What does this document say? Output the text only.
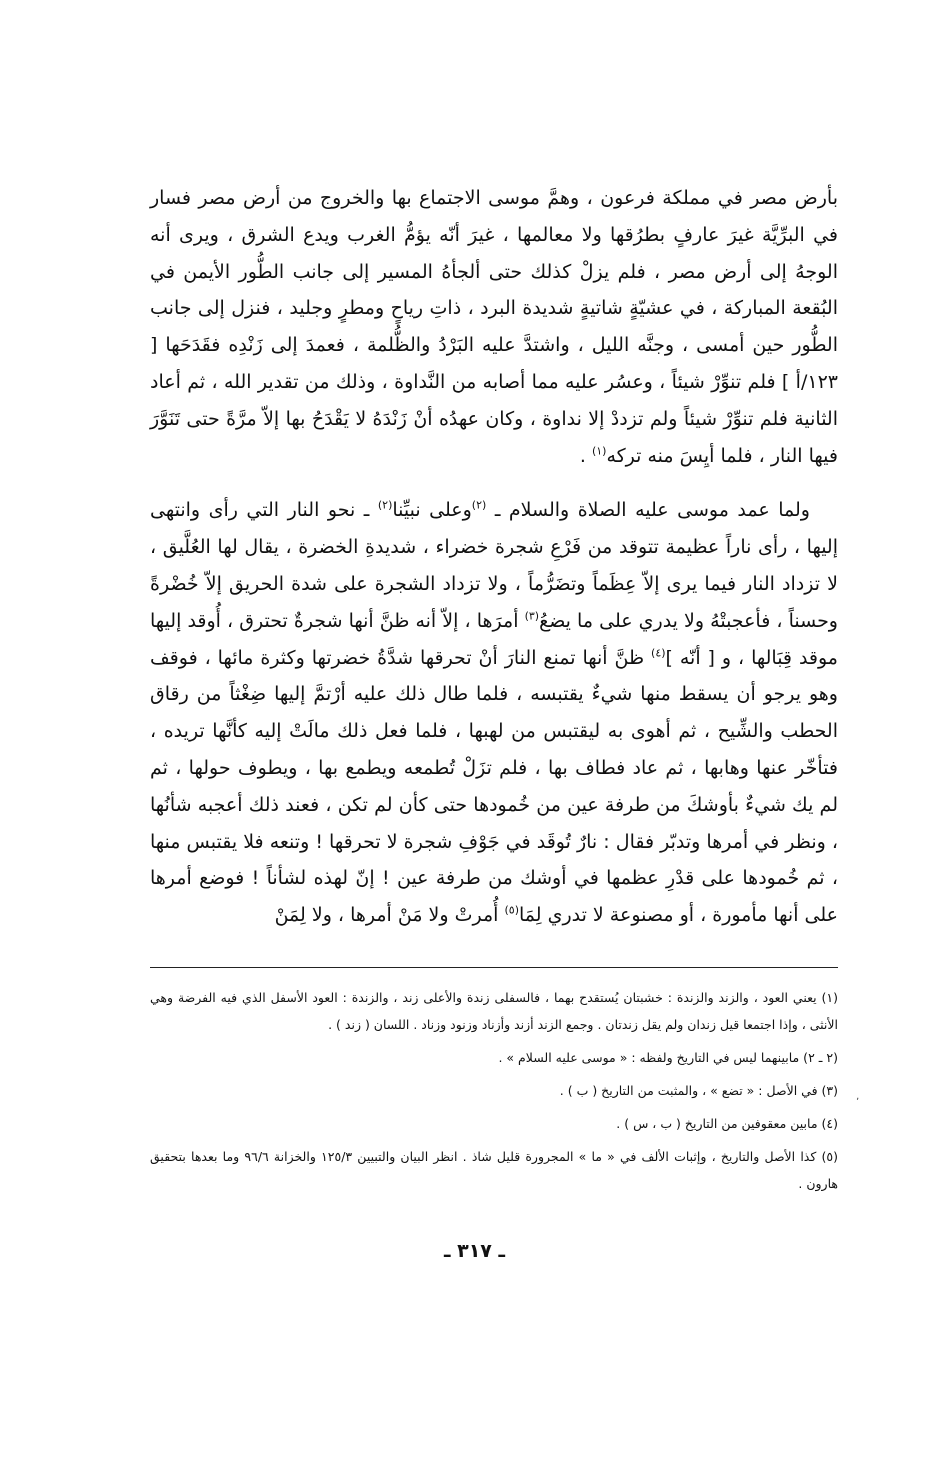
بأرض مصر في مملكة فرعون ، وهمَّ موسى الاجتماع بها والخروج من أرض مصر فسار في البرِّيَّة غيرَ عارفٍ بطرُقها ولا معالمها ، غيرَ أنّه يؤمُّ الغرب ويدع الشرق ، ويرى أنه الوجهُ إلى أرض مصر ، فلم يزلْ كذلك حتى ألجأهُ المسير إلى جانب الطُّور الأيمن في البُقعة المباركة ، في عشيّةٍ شاتيةٍ شديدة البرد ، ذاتِ رياحٍ ومطرٍ وجليد ، فنزل إلى جانب الطُّور حين أمسى ، وجنَّه الليل ، واشتدَّ عليه البَرْدُ والظُّلمة ، فعمدَ إلى زَنْدِه فقَدَحَها [ ١٢٣/أ ] فلم تنوِّرْ شيئاً ، وعسُر عليه مما أصابه من النَّداوة ، وذلك من تقدير الله ، ثم أعاد الثانية فلم تنوِّرْ شيئاً ولم تزددْ إلا نداوة ، وكان عهدُه أنْ زَنْدَهُ لا يَقْدَحُ بها إلاّ مرَّةً حتى تَنَوَّرَ فيها النار ، فلما أيِسَ منه تركه$^{(١)}$ .

ولما عمد موسى عليه الصلاة والسلام ـ $^{(٢)}$وعلى نبيِّنا$^{(٢)}$ ـ نحو النار التي رأى وانتهى إليها ، رأى ناراً عظيمة تتوقد من فَرْعِ شجرة خضراء ، شديدةِ الخضرة ، يقال لها العُلَّيق ، لا تزداد النار فيما يرى إلاّ عِظَماً وتضَرُّماً ، ولا تزداد الشجرة على شدة الحريق إلاّ خُضْرةً وحسناً ، فأعجبتْهُ ولا يدري على ما يضعُ$^{(٣)}$ أمرَها ، إلاّ أنه ظنَّ أنها شجرةٌ تحترق ، أُوقد إليها موقد قِبَالها ، و [ أنّه ]$^{(٤)}$ ظنَّ أنها تمنع النارَ أنْ تحرقها شدَّةُ خضرتها وكثرة مائها ، فوقف وهو يرجو أن يسقط منها شيءٌ يقتبسه ، فلما طال ذلك عليه أرْتمَّ إليها ضِغْثاً من رقاق الحطب والشِّيح ، ثم أهوى به ليقتبس من لهبها ، فلما فعل ذلك مالَتْ إليه كأنَّها تريده ، فتأخّر عنها وهابها ، ثم عاد فطاف بها ، فلم تزَلْ تُطمعه ويطمع بها ، ويطوف حولها ، ثم لم يك شيءٌ بأوشكَ من طرفة عين من خُمودها حتى كأن لم تكن ، فعند ذلك أعجبه شأنُها ، ونظر في أمرها وتدبّر فقال : نارٌ تُوقَد في جَوْفِ شجرة لا تحرقها ! وتنعه فلا يقتبس منها ، ثم خُمودها على قدْرِ عظمها في أوشك من طرفة عين ! إنّ لهذه لشأناً ! فوضع أمرها على أنها مأمورة ، أو مصنوعة لا تدري لِمَا$^{(٥)}$ أُمرتْ ولا مَنْ أمرها ، ولا لِمَنْ

(١) يعني العود ، والزند والزندة : خشبتان يُستقدح بهما ، فالسفلى زندة والأعلى زند ، والزندة : العود الأسفل الذي فيه الفرضة وهي الأنثى ، وإذا اجتمعا قيل زندان ولم يقل زندتان . وجمع الزند أزند وأزناد وزنود وزناد . اللسان ( زند ) .

(٢ ـ ٢) مابينهما ليس في التاريخ ولفظه : « موسى عليه السلام » .

(٣) في الأصل : « تضع » ، والمثبت من التاريخ ( ب ) .

(٤) مابين معقوفين من التاريخ ( ب ، س ) .

(٥) كذا الأصل والتاريخ ، وإثبات الألف في « ما » المجرورة قليل شاذ . انظر البيان والتبيين ١٢٥/٣ والخزانة ٩٦/٦ وما بعدها بتحقيق هارون .

٬
ـ ٣١٧ ـ
